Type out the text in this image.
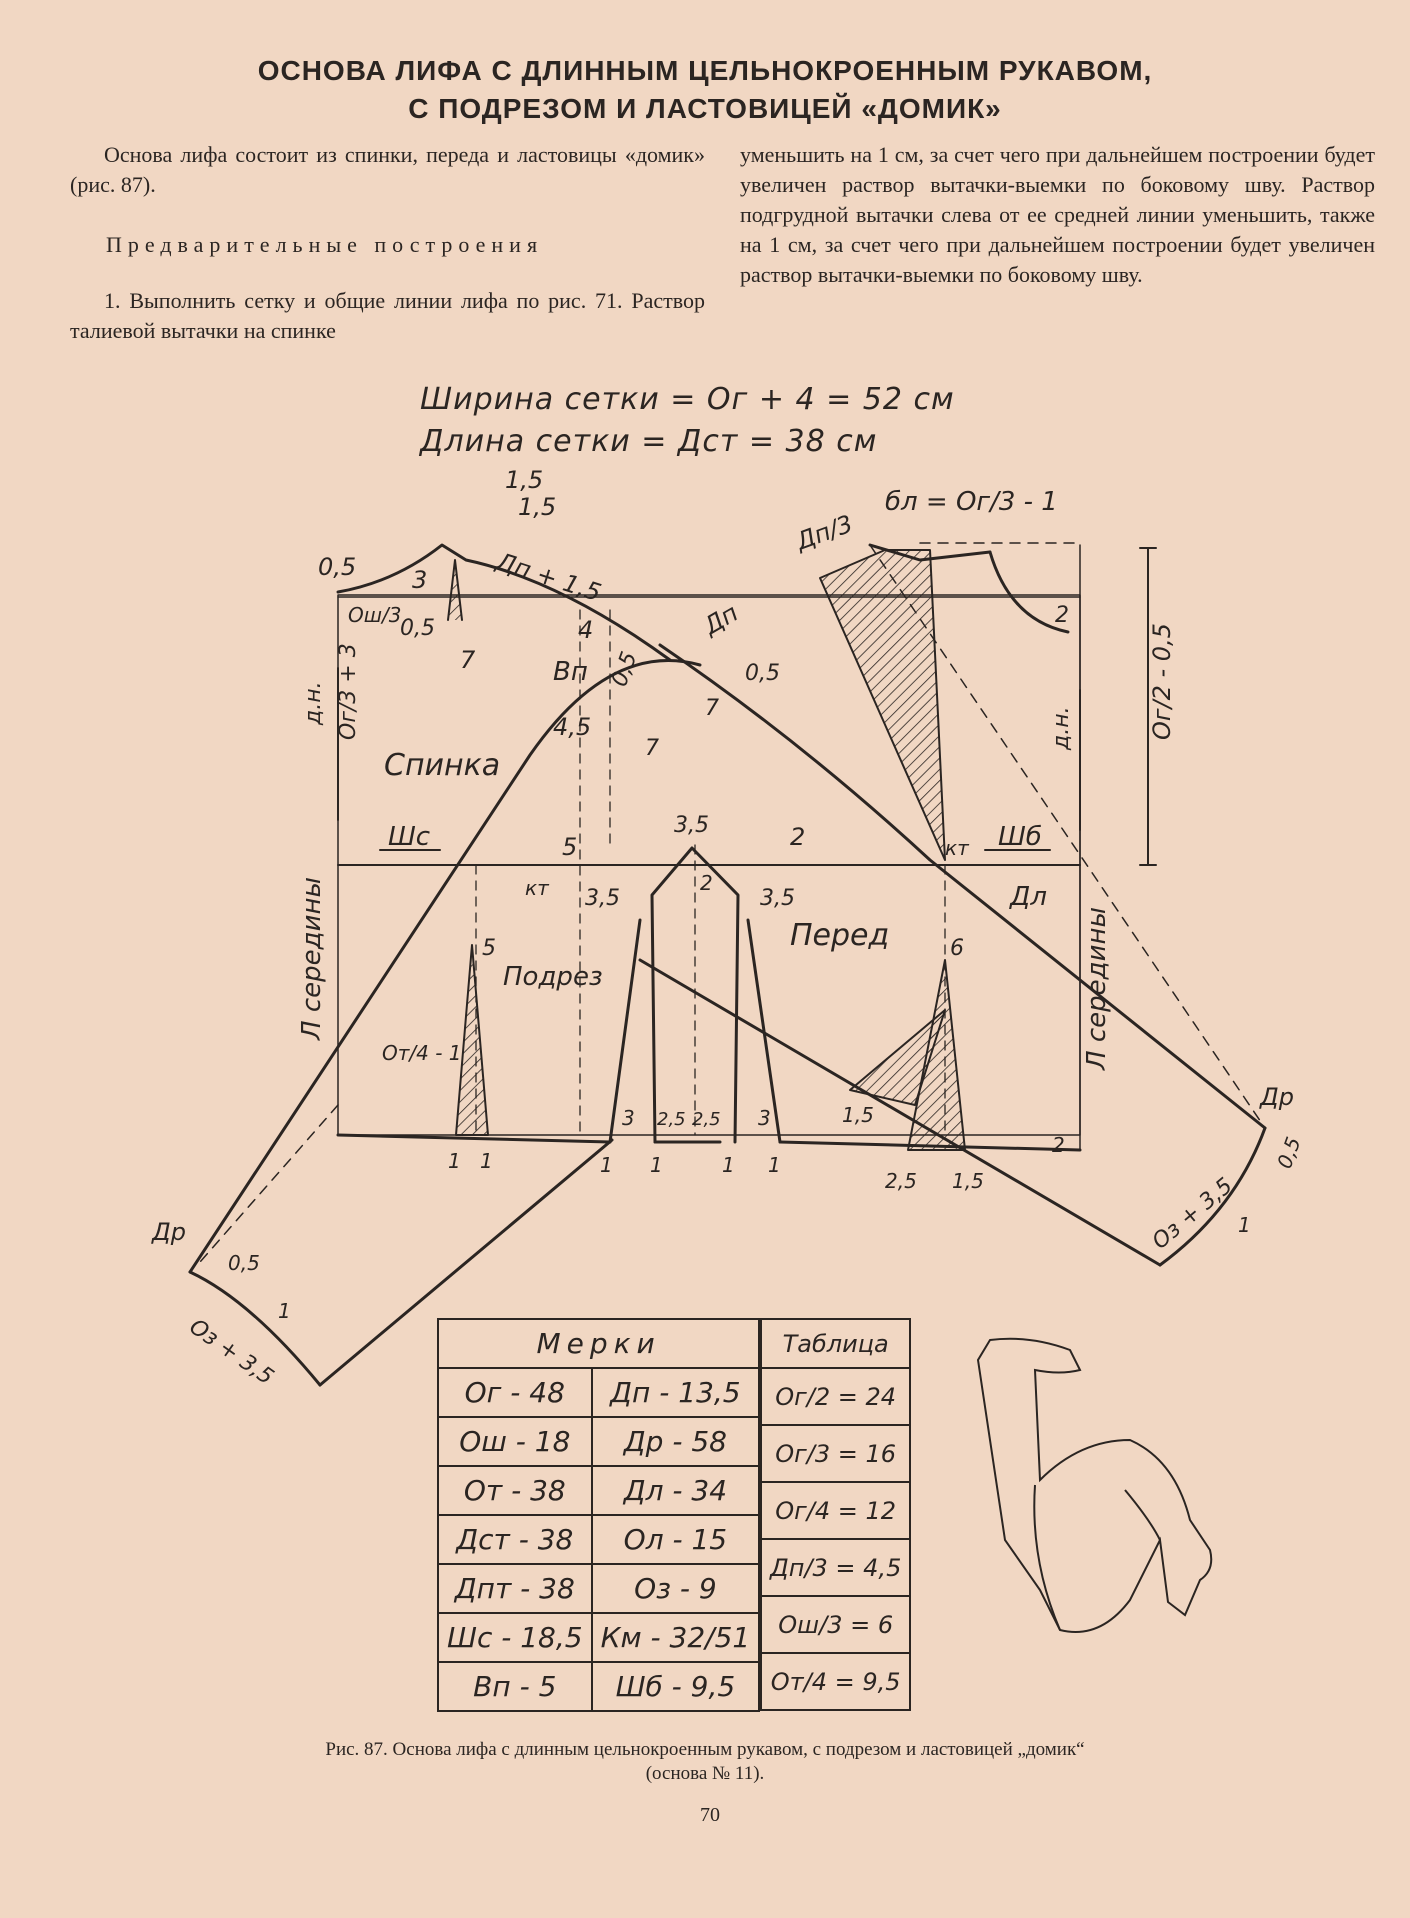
ОСНОВА ЛИФА С ДЛИННЫМ ЦЕЛЬНОКРОЕННЫМ РУКАВОМ,
С ПОДРЕЗОМ И ЛАСТОВИЦЕЙ «ДОМИК»

Основа лифа состоит из спинки, переда и ластовицы «домик» (рис. 87).

Предварительные построения

1. Выполнить сетку и общие линии лифа по рис. 71. Раствор талиевой вытачки на спинке

уменьшить на 1 см, за счет чего при дальнейшем построении будет увеличен раствор вытачки-выемки по боковому шву. Раствор подгрудной вытачки слева от ее средней линии уменьшить, также на 1 см, за счет чего при дальнейшем построении будет увеличен раствор вытачки-выемки по боковому шву.

Ширина сетки = Ог + 4 = 52 см
Длина сетки = Дст = 38 см
Спинка
Перед
Подрез
Шс	Шб
кт
кт
Дп + 1,5
Дп
Дп/3
бл = Ог/3 - 1
Дл
Др
Др
Вп
д.н.
д.н.
Ог/3 + 3	Ог/2 - 0,5
Л середины	Л середины
Ош/3
От/4 - 1
Оз + 3,5
Оз + 3,5
1,5
1,5
0,5 3
0,5
7
4
0,5	0,5
7
7
4,5
2
5
3,5	2
3,5	3,5
2
5	6
3 2,5 2,5 3	1,5
2,5 1,5
2
1 1	1 1	1 1
0,5
1
0,5
1
Мерки	
Ог - 48	Дп - 13,5
Ош - 18	Др - 58
От - 38	Дл - 34
Дст - 38	Ол - 15
Дпт - 38	Оз - 9
Шс - 18,5	Км - 32/51
Вп - 5	Шб - 9,5
Таблица
Ог/2 = 24
Ог/3 = 16
Ог/4 = 12
Дп/3 = 4,5
Ош/3 = 6
От/4 = 9,5
Рис. 87. Основа лифа с длинным цельнокроенным рукавом, с подрезом и ластовицей „домик“
(основа № 11).
70
